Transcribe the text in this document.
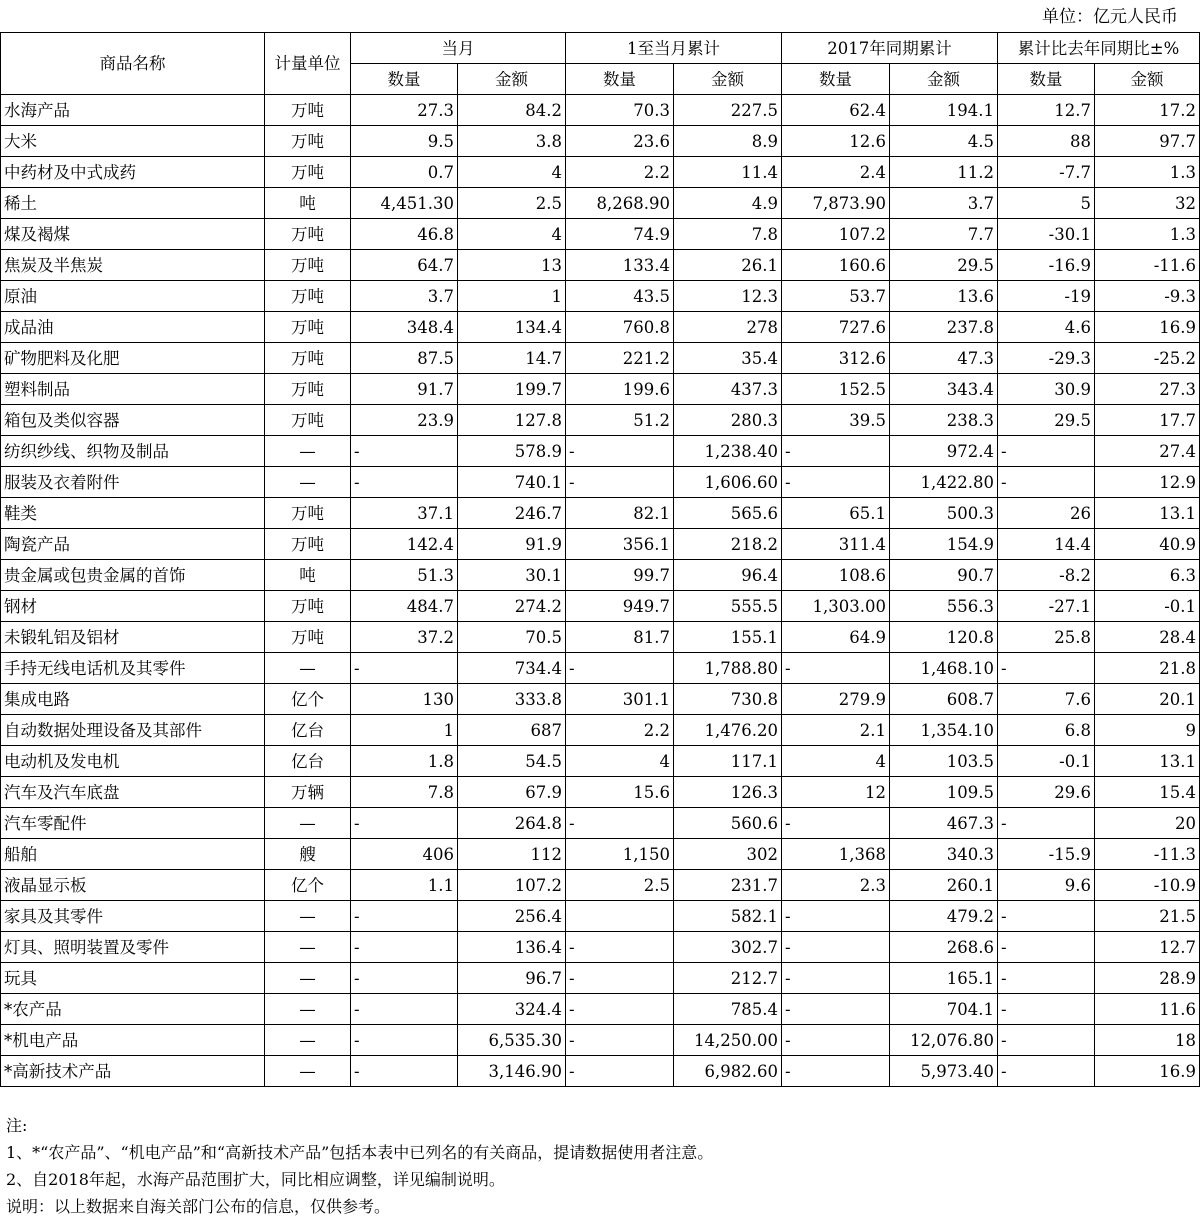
单位：亿元人民币
商品名称	计量单位	当月		1至当月累计		2017年同期累计		累计比去年同期比±%	
		数量	金额	数量	金额	数量	金额	数量	金额
水海产品	万吨	27.3	84.2	70.3	227.5	62.4	194.1	12.7	17.2
大米	万吨	9.5	3.8	23.6	8.9	12.6	4.5	88	97.7
中药材及中式成药	万吨	0.7	4	2.2	11.4	2.4	11.2	-7.7	1.3
稀土	吨	4,451.30	2.5	8,268.90	4.9	7,873.90	3.7	5	32
煤及褐煤	万吨	46.8	4	74.9	7.8	107.2	7.7	-30.1	1.3
焦炭及半焦炭	万吨	64.7	13	133.4	26.1	160.6	29.5	-16.9	-11.6
原油	万吨	3.7	1	43.5	12.3	53.7	13.6	-19	-9.3
成品油	万吨	348.4	134.4	760.8	278	727.6	237.8	4.6	16.9
矿物肥料及化肥	万吨	87.5	14.7	221.2	35.4	312.6	47.3	-29.3	-25.2
塑料制品	万吨	91.7	199.7	199.6	437.3	152.5	343.4	30.9	27.3
箱包及类似容器	万吨	23.9	127.8	51.2	280.3	39.5	238.3	29.5	17.7
纺织纱线、织物及制品	—	-	578.9	-	1,238.40	-	972.4	-	27.4
服装及衣着附件	—	-	740.1	-	1,606.60	-	1,422.80	-	12.9
鞋类	万吨	37.1	246.7	82.1	565.6	65.1	500.3	26	13.1
陶瓷产品	万吨	142.4	91.9	356.1	218.2	311.4	154.9	14.4	40.9
贵金属或包贵金属的首饰	吨	51.3	30.1	99.7	96.4	108.6	90.7	-8.2	6.3
钢材	万吨	484.7	274.2	949.7	555.5	1,303.00	556.3	-27.1	-0.1
未锻轧铝及铝材	万吨	37.2	70.5	81.7	155.1	64.9	120.8	25.8	28.4
手持无线电话机及其零件	—	-	734.4	-	1,788.80	-	1,468.10	-	21.8
集成电路	亿个	130	333.8	301.1	730.8	279.9	608.7	7.6	20.1
自动数据处理设备及其部件	亿台	1	687	2.2	1,476.20	2.1	1,354.10	6.8	9
电动机及发电机	亿台	1.8	54.5	4	117.1	4	103.5	-0.1	13.1
汽车及汽车底盘	万辆	7.8	67.9	15.6	126.3	12	109.5	29.6	15.4
汽车零配件	—	-	264.8	-	560.6	-	467.3	-	20
船舶	艘	406	112	1,150	302	1,368	340.3	-15.9	-11.3
液晶显示板	亿个	1.1	107.2	2.5	231.7	2.3	260.1	9.6	-10.9
家具及其零件	—	-	256.4		582.1	-	479.2	-	21.5
灯具、照明装置及零件	—	-	136.4	-	302.7	-	268.6	-	12.7
玩具	—	-	96.7	-	212.7	-	165.1	-	28.9
*农产品	—	-	324.4	-	785.4	-	704.1	-	11.6
*机电产品	—	-	6,535.30	-	14,250.00	-	12,076.80	-	18
*高新技术产品	—	-	3,146.90	-	6,982.60	-	5,973.40	-	16.9
注:
1、*“农产品”、“机电产品”和“高新技术产品”包括本表中已列名的有关商品，提请数据使用者注意。
2、自2018年起，水海产品范围扩大，同比相应调整，详见编制说明。
说明：以上数据来自海关部门公布的信息，仅供参考。
